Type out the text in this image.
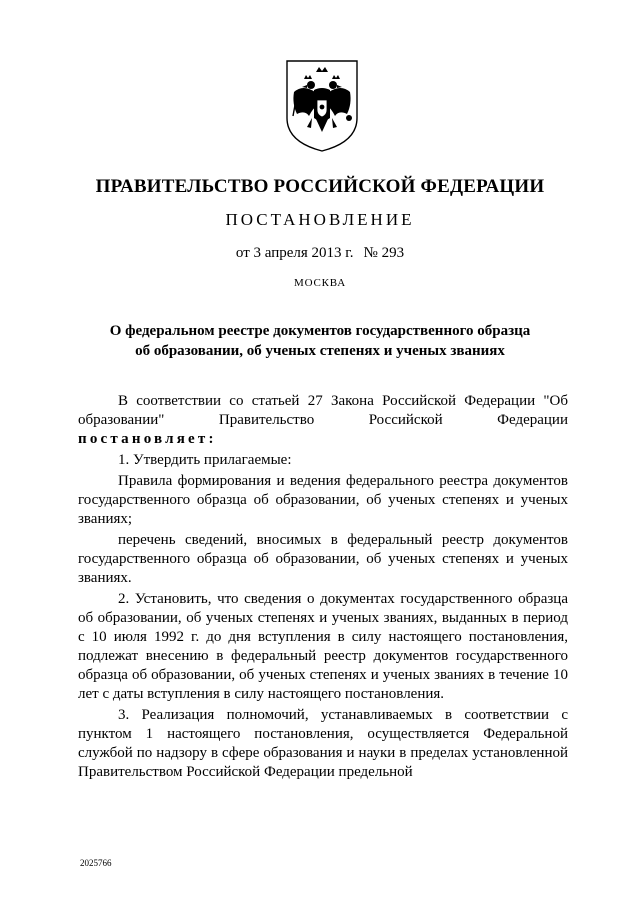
ПРАВИТЕЛЬСТВО РОССИЙСКОЙ ФЕДЕРАЦИИ
ПОСТАНОВЛЕНИЕ
от 3 апреля 2013 г. № 293
МОСКВА
О федеральном реестре документов государственного образца
об образовании, об ученых степенях и ученых званиях

В соответствии со статьей 27 Закона Российской Федерации "Об образовании" Правительство Российской Федерации
постановляет:

1. Утвердить прилагаемые:

Правила формирования и ведения федерального реестра документов государственного образца об образовании, об ученых степенях и ученых званиях;

перечень сведений, вносимых в федеральный реестр документов государственного образца об образовании, об ученых степенях и ученых званиях.

2. Установить, что сведения о документах государственного образца об образовании, об ученых степенях и ученых званиях, выданных в период с 10 июля 1992 г. до дня вступления в силу настоящего постановления, подлежат внесению в федеральный реестр документов государственного образца об образовании, об ученых степенях и ученых званиях в течение 10 лет с даты вступления в силу настоящего постановления.

3. Реализация полномочий, устанавливаемых в соответствии с пунктом 1 настоящего постановления, осуществляется Федеральной службой по надзору в сфере образования и науки в пределах установленной Правительством Российской Федерации предельной

2025766
